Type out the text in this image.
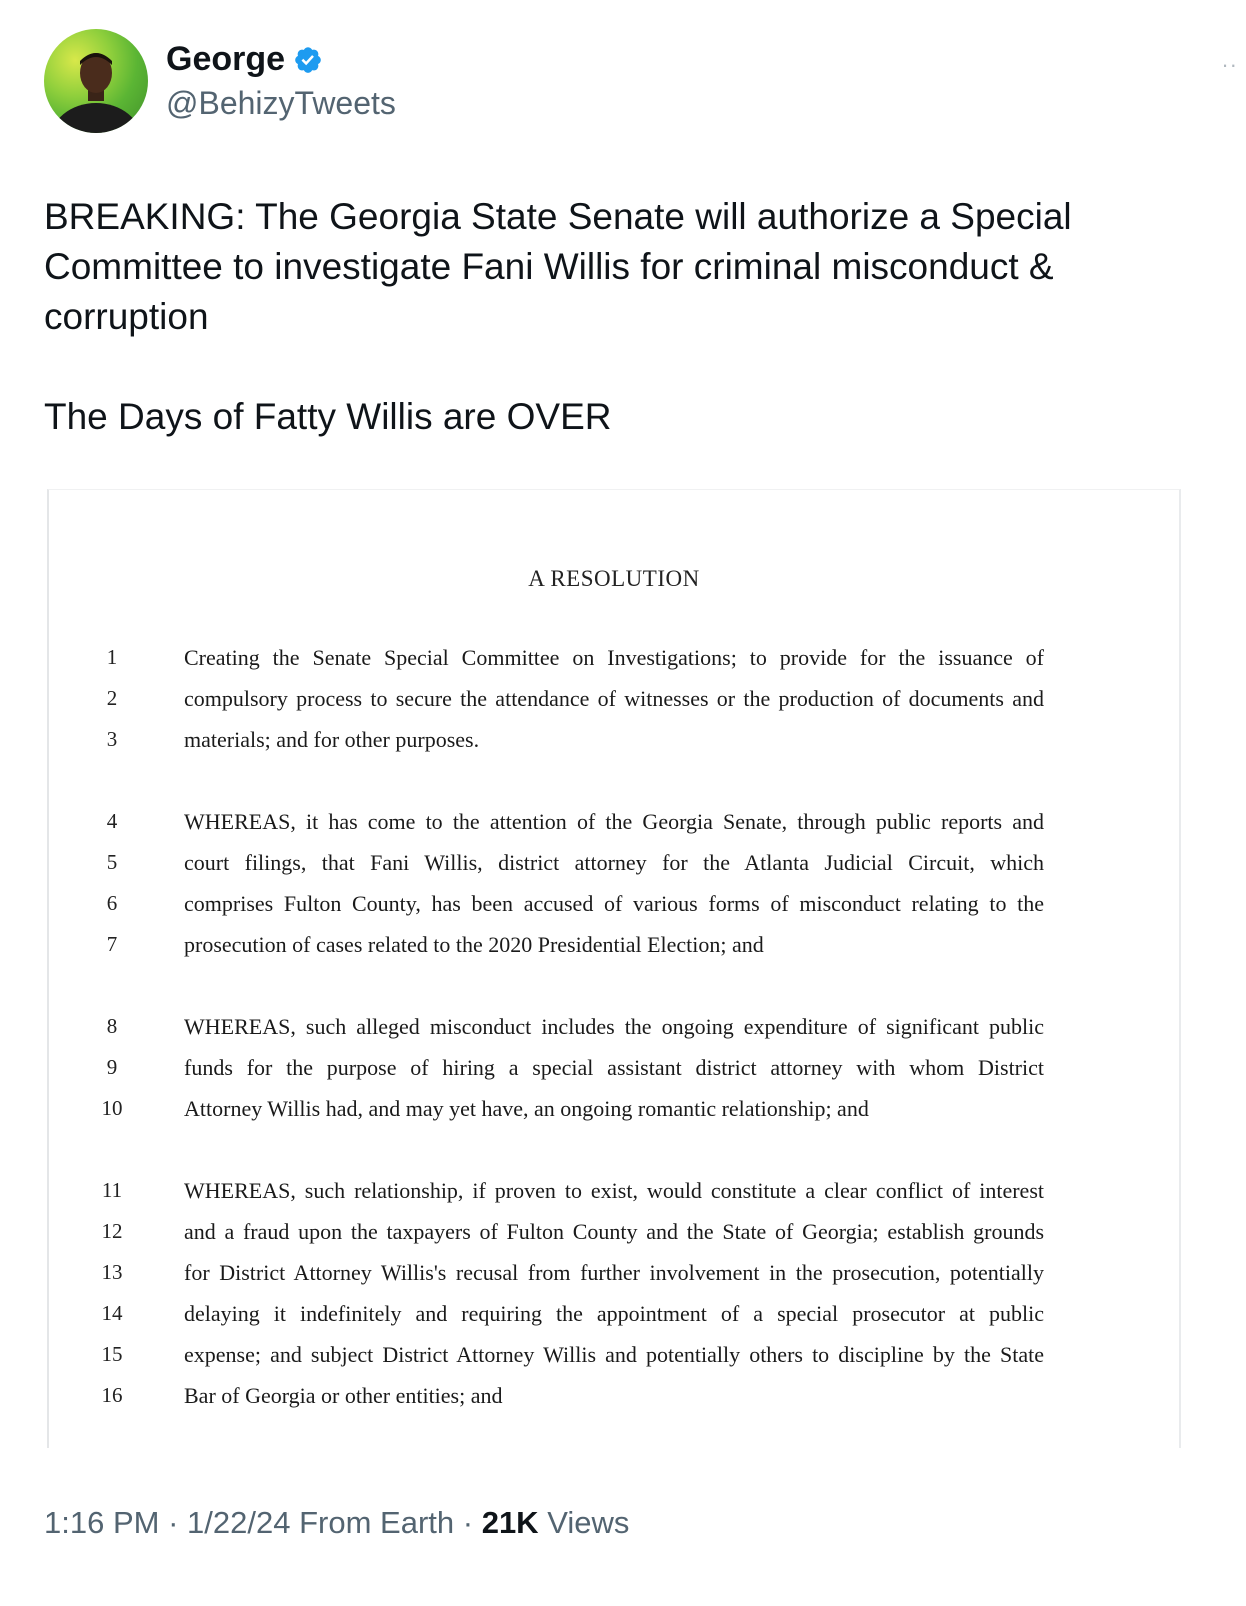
George
@BehizyTweets
··

BREAKING: The Georgia State Senate will authorize a Special Committee to investigate Fani Willis for criminal misconduct & corruption

The Days of Fatty Willis are OVER

A RESOLUTION
1	Creating the Senate Special Committee on Investigations; to provide for the issuance of
2	compulsory process to secure the attendance of witnesses or the production of documents and
3	materials; and for other purposes.
4	WHEREAS, it has come to the attention of the Georgia Senate, through public reports and
5	court filings, that Fani Willis, district attorney for the Atlanta Judicial Circuit, which
6	comprises Fulton County, has been accused of various forms of misconduct relating to the
7	prosecution of cases related to the 2020 Presidential Election; and
8	WHEREAS, such alleged misconduct includes the ongoing expenditure of significant public
9	funds for the purpose of hiring a special assistant district attorney with whom District
10	Attorney Willis had, and may yet have, an ongoing romantic relationship; and
11	WHEREAS, such relationship, if proven to exist, would constitute a clear conflict of interest
12	and a fraud upon the taxpayers of Fulton County and the State of Georgia; establish grounds
13	for District Attorney Willis's recusal from further involvement in the prosecution, potentially
14	delaying it indefinitely and requiring the appointment of a special prosecutor at public
15	expense; and subject District Attorney Willis and potentially others to discipline by the State
16	Bar of Georgia or other entities; and
1:16 PM · 1/22/24 From Earth · 21K Views
